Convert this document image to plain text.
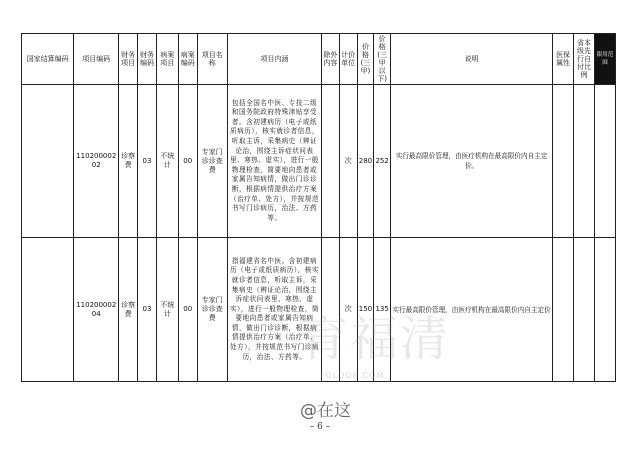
国家结算编码	项目编码	财务项目	财务编码	病案项目	病案编码	项目名称	项目内涵	除外内容	计价单位	价格(三甲)	价格(三甲以下)	说明	医保属性	省本级先行自付比例	限用范围
	11020000202	诊察费	03	不统计	00	专家门诊诊查费	包括全国名中医、专技二级和国务院政府特殊津贴享受者。含初建病历（电子或纸质病历），核实就诊者信息，听取主诉，采集病史（辨证论治，围绕主诉症状问表里、寒热、虚实），进行一般物理检查，简要地向患者或家属告知病情，做出门诊诊断，根据病情提供治疗方案（治疗单、处方），并按规范书写门诊病历，治法、方药等。		次	280	252	实行最高限价管理，由医疗机构在最高限价内自主定价。			
	11020000204	诊察费	03	不统计	00	专家门诊诊查费	指福建省名中医。含初建病历（电子或纸质病历），核实就诊者信息，听取主诉，采集病史（辨证论治，围绕主诉症状问表里、寒热、虚实），进行一般物理检查，简要地向患者或家属告知病情，做出门诊诊断，根据病情提供治疗方案（治疗单、处方），并按规范书写门诊病历，治法、方药等。		次	150	135	实行最高限价管理，由医疗机构在最高限价内自主定价			
育福清
FQLOOK.COM
@在这
– 6 –
